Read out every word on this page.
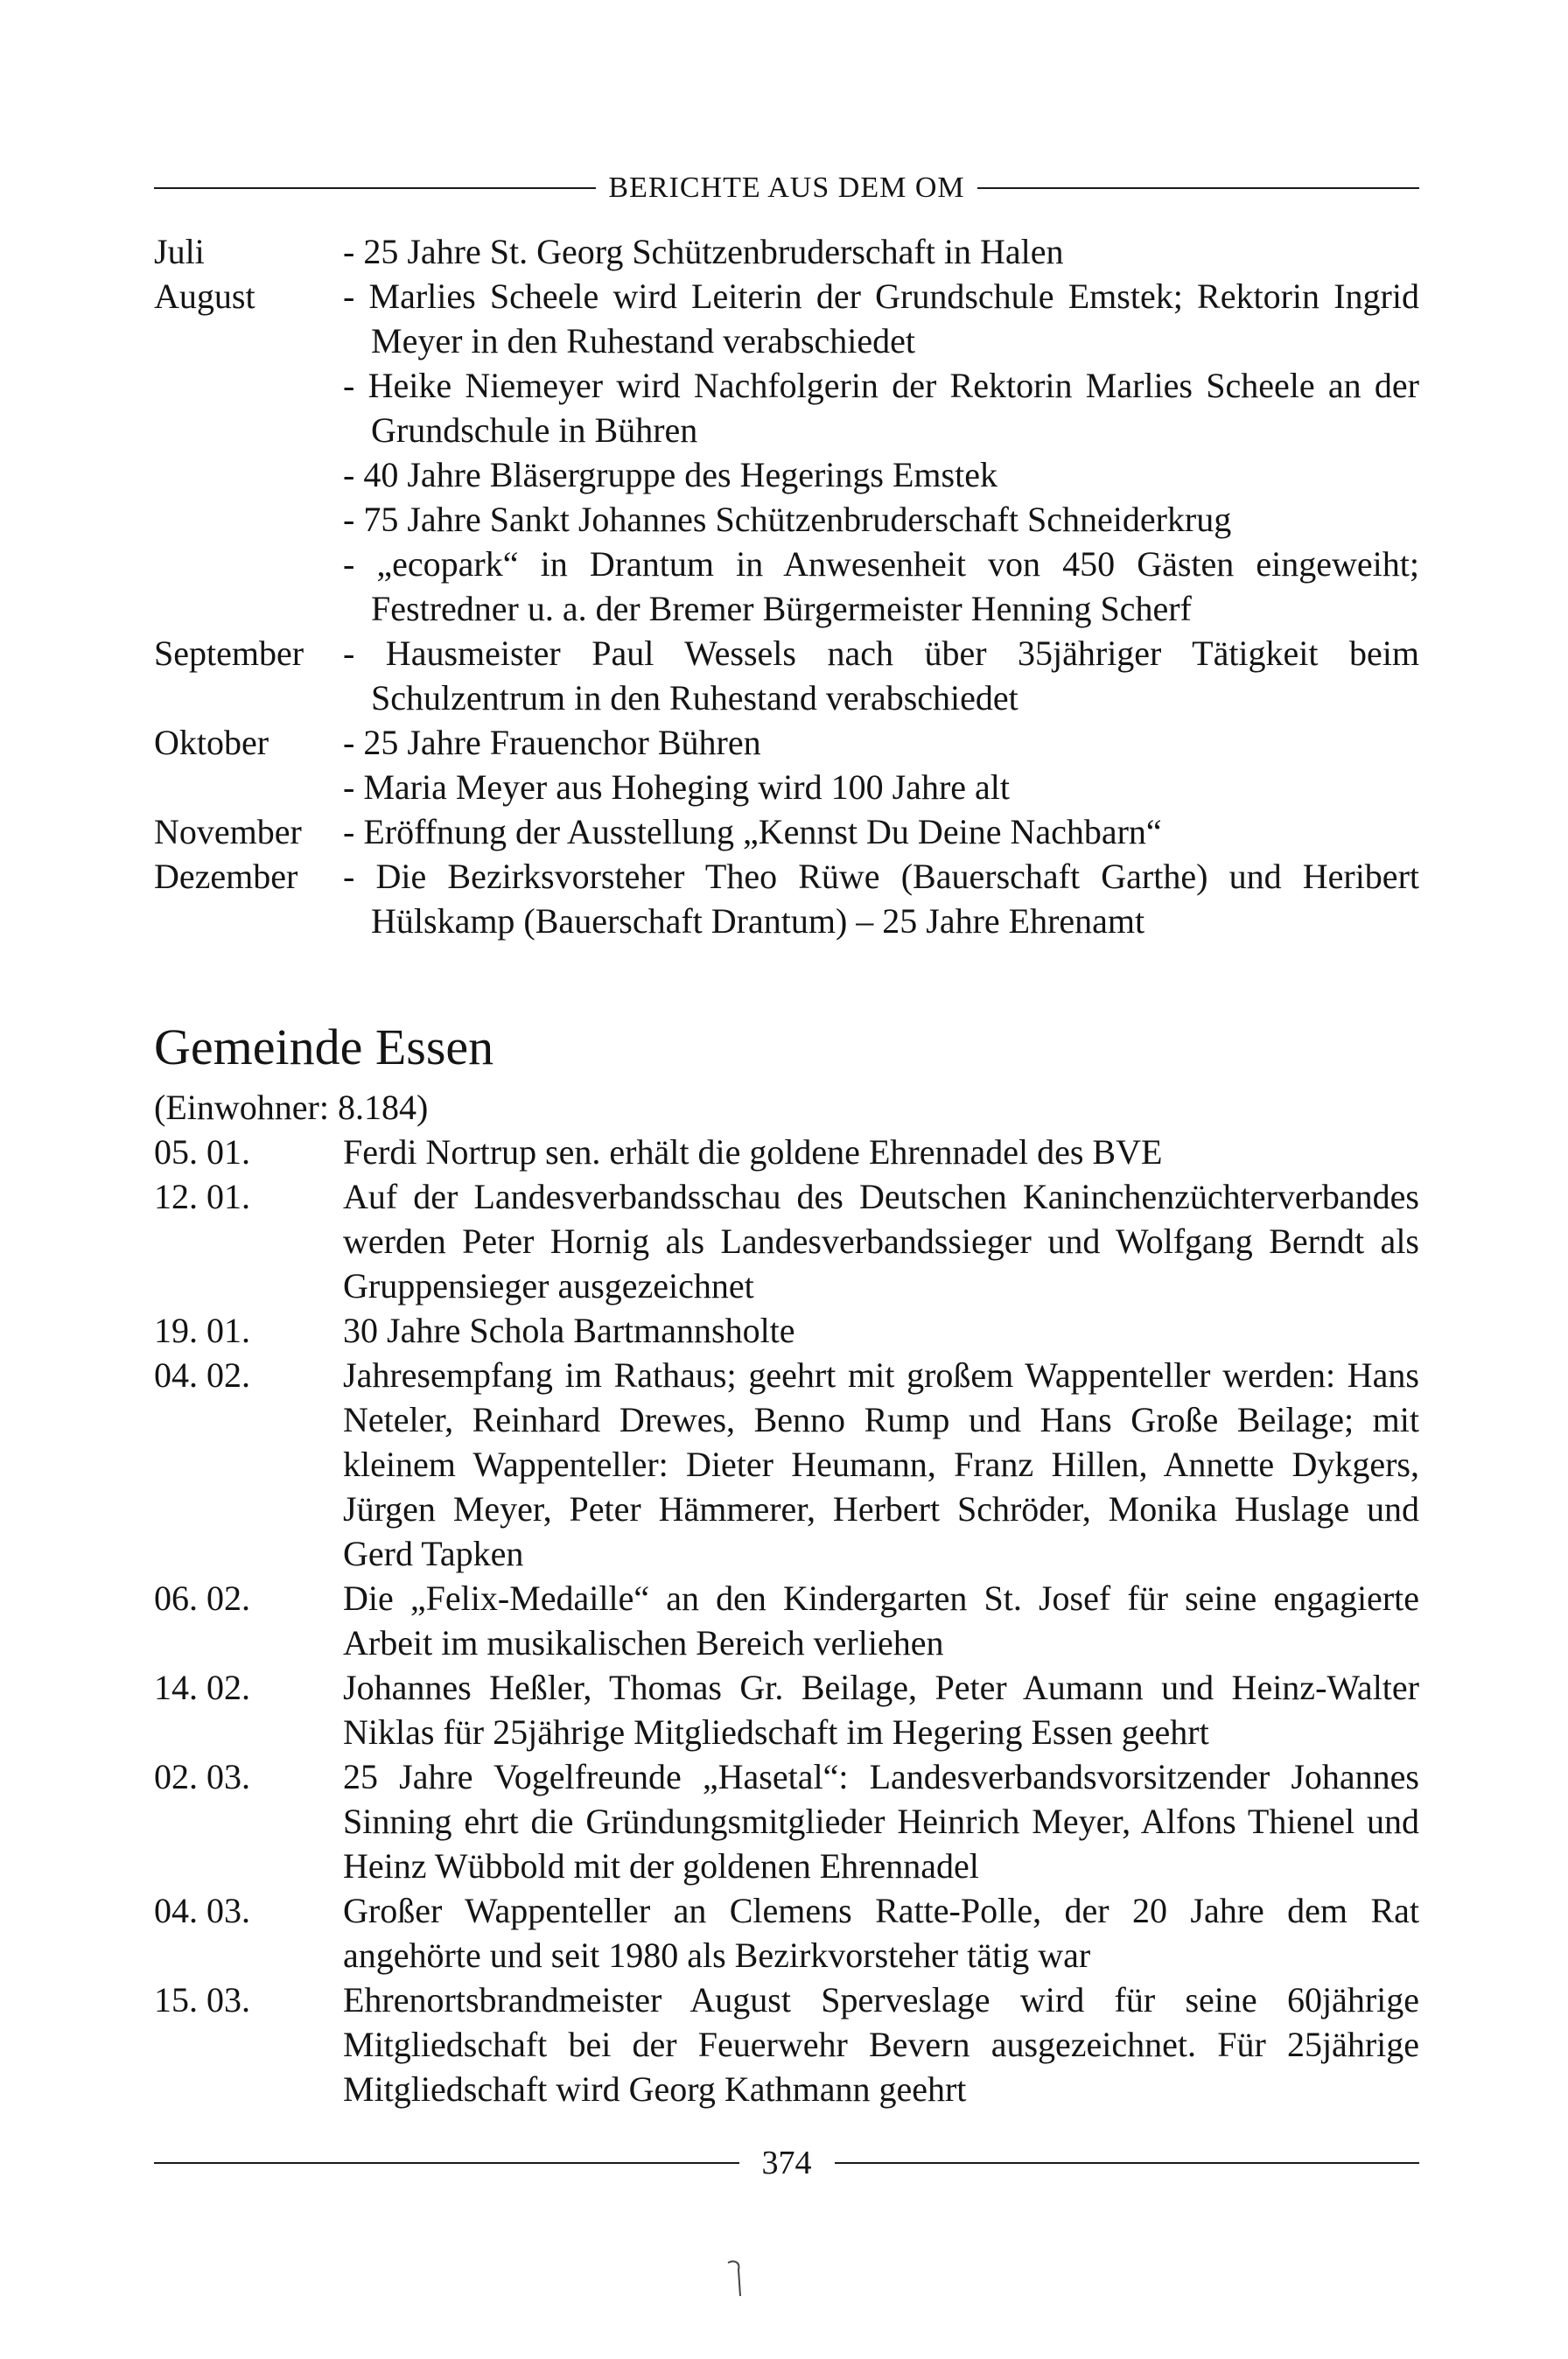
BERICHTE AUS DEM OM
Juli	- 25 Jahre St. Georg Schützenbruderschaft in Halen
August	- Marlies Scheele wird Leiterin der Grundschule Emstek; Rektorin Ingrid Meyer in den Ruhestand verabschiedet
- Heike Niemeyer wird Nachfolgerin der Rektorin Marlies Scheele an der Grundschule in Bühren
- 40 Jahre Bläsergruppe des Hegerings Emstek
- 75 Jahre Sankt Johannes Schützenbruderschaft Schneiderkrug
- „ecopark“ in Drantum in Anwesenheit von 450 Gästen eingeweiht; Festredner u. a. der Bremer Bürgermeister Henning Scherf
September	- Hausmeister Paul Wessels nach über 35jähriger Tätigkeit beim Schulzentrum in den Ruhestand verabschiedet
Oktober	- 25 Jahre Frauenchor Bühren
- Maria Meyer aus Hoheging wird 100 Jahre alt
November	- Eröffnung der Ausstellung „Kennst Du Deine Nachbarn“
Dezember	- Die Bezirksvorsteher Theo Rüwe (Bauerschaft Garthe) und Heribert Hülskamp (Bauerschaft Drantum) – 25 Jahre Ehrenamt
Gemeinde Essen
(Einwohner: 8.184)
05. 01.	Ferdi Nortrup sen. erhält die goldene Ehrennadel des BVE
12. 01.	Auf der Landesverbandsschau des Deutschen Kaninchenzüchterverbandes werden Peter Hornig als Landesverbandssieger und Wolfgang Berndt als Gruppensieger ausgezeichnet
19. 01.	30 Jahre Schola Bartmannsholte
04. 02.	Jahresempfang im Rathaus; geehrt mit großem Wappenteller werden: Hans Neteler, Reinhard Drewes, Benno Rump und Hans Große Beilage; mit kleinem Wappenteller: Dieter Heumann, Franz Hillen, Annette Dykgers, Jürgen Meyer, Peter Hämmerer, Herbert Schröder, Monika Huslage und Gerd Tapken
06. 02.	Die „Felix-Medaille“ an den Kindergarten St. Josef für seine engagierte Arbeit im musikalischen Bereich verliehen
14. 02.	Johannes Heßler, Thomas Gr. Beilage, Peter Aumann und Heinz-Walter Niklas für 25jährige Mitgliedschaft im Hegering Essen geehrt
02. 03.	25 Jahre Vogelfreunde „Hasetal“: Landesverbandsvorsitzender Johannes Sinning ehrt die Gründungsmitglieder Heinrich Meyer, Alfons Thienel und Heinz Wübbold mit der goldenen Ehrennadel
04. 03.	Großer Wappenteller an Clemens Ratte-Polle, der 20 Jahre dem Rat angehörte und seit 1980 als Bezirkvorsteher tätig war
15. 03.	Ehrenortsbrandmeister August Sperveslage wird für seine 60jährige Mitgliedschaft bei der Feuerwehr Bevern ausgezeichnet. Für 25jährige Mitgliedschaft wird Georg Kathmann geehrt
374
